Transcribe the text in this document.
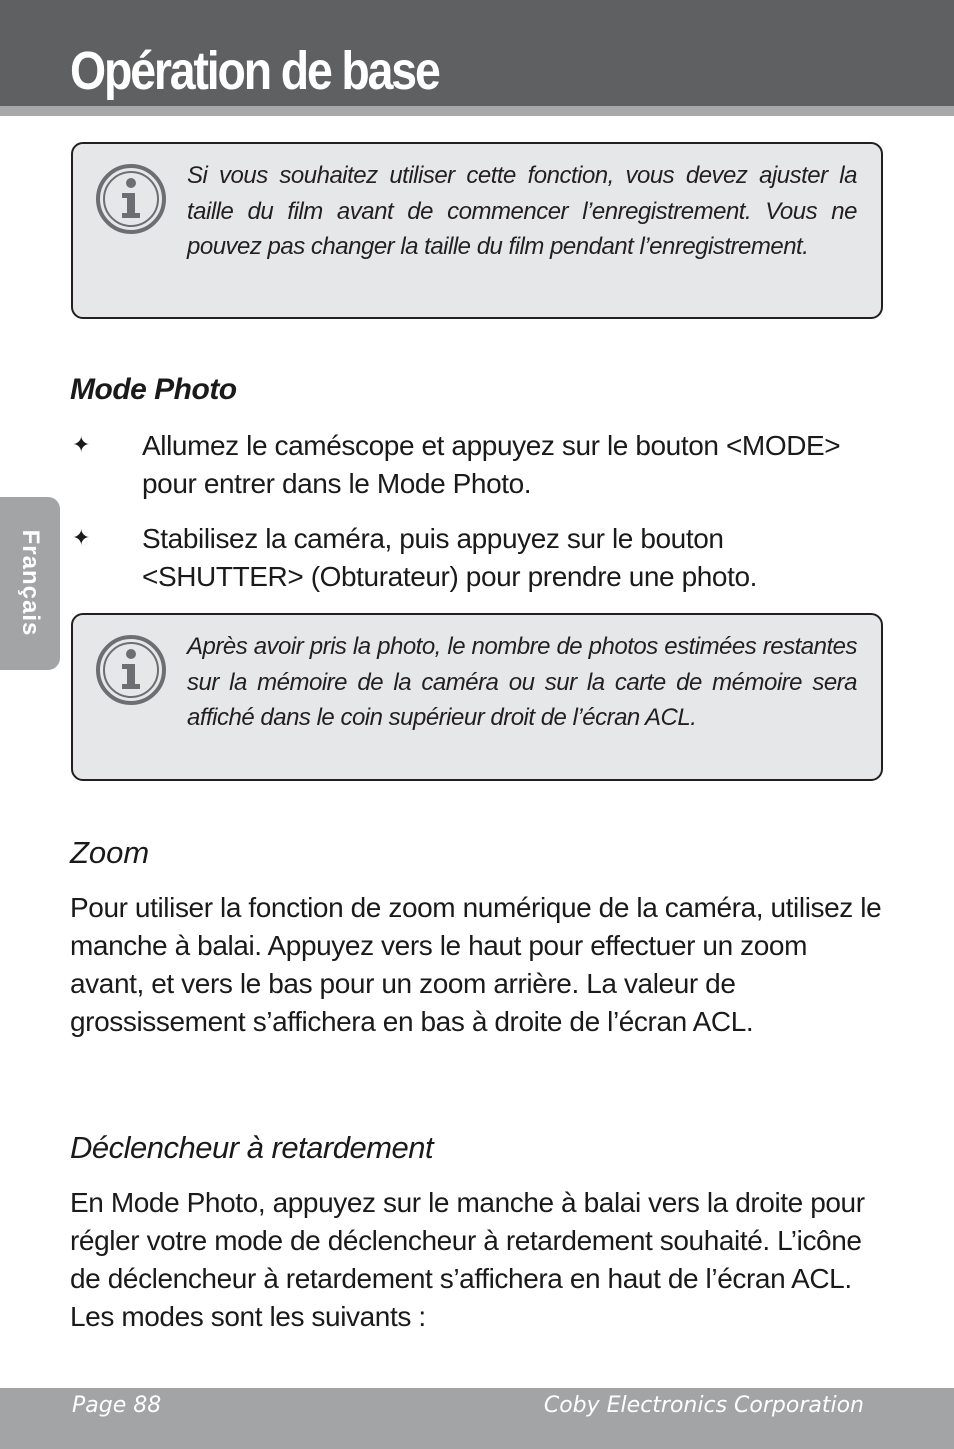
Opération de base
Français

Si vous souhaitez utiliser cette fonction, vous devez ajuster la taille du film avant de commencer l’enregistrement. Vous ne pouvez pas changer la taille du film pendant l’enregistrement.

Mode Photo
✦ Allumez le caméscope et appuyez sur le bouton <MODE> pour entrer dans le Mode Photo.

✦ Stabilisez la caméra, puis appuyez sur le bouton <SHUTTER> (Obturateur) pour prendre une photo.

Après avoir pris la photo, le nombre de photos estimées restantes sur la mémoire de la caméra ou sur la carte de mémoire sera affiché dans le coin supérieur droit de l’écran ACL.

Zoom

Pour utiliser la fonction de zoom numérique de la caméra, utilisez le manche à balai. Appuyez vers le haut pour effectuer un zoom avant, et vers le bas pour un zoom arrière. La valeur de grossissement s’affichera en bas à droite de l’écran ACL.

Déclencheur à retardement

En Mode Photo, appuyez sur le manche à balai vers la droite pour régler votre mode de déclencheur à retardement souhaité. L’icône de déclencheur à retardement s’affichera en haut de l’écran ACL. Les modes sont les suivants :

Page 88	Coby Electronics Corporation
